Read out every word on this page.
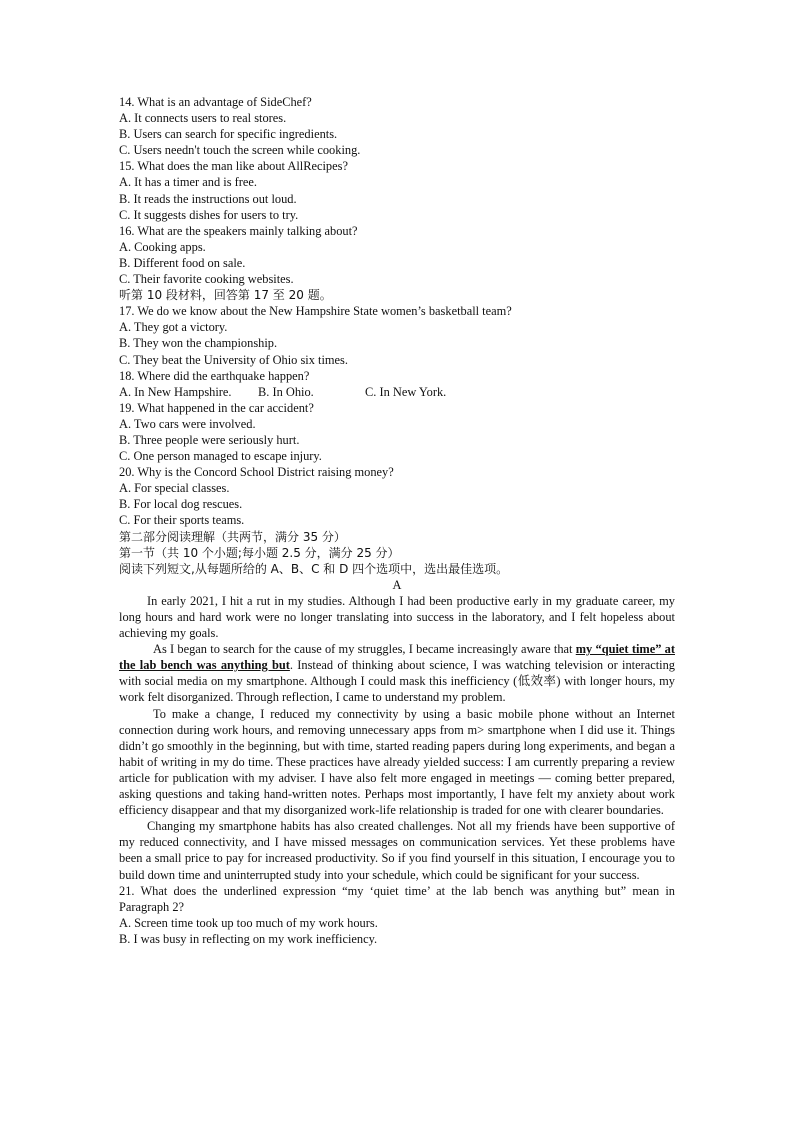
14. What is an advantage of SideChef?
A. It connects users to real stores.
B. Users can search for specific ingredients.
C. Users needn't touch the screen while cooking.
15. What does the man like about AllRecipes?
A. It has a timer and is free.
B. It reads the instructions out loud.
C. It suggests dishes for users to try.
16. What are the speakers mainly talking about?
A. Cooking apps.
B. Different food on sale.
C. Their favorite cooking websites.
听第 10 段材料，回答第 17 至 20 题。
17. We do we know about the New Hampshire State women’s basketball team?
A. They got a victory.
B. They won the championship.
C. They beat the University of Ohio six times.
18. Where did the earthquake happen?
A. In New Hampshire. B. In Ohio.	C. In New York.
19. What happened in the car accident?
A. Two cars were involved.
B. Three people were seriously hurt.
C. One person managed to escape injury.
20. Why is the Concord School District raising money?
A. For special classes.
B. For local dog rescues.
C. For their sports teams.
第二部分阅读理解（共两节，满分 35 分）
第一节（共 10 个小题;每小题 2.5 分，满分 25 分）
阅读下列短文,从每题所给的 A、B、C 和 D 四个选项中，选出最佳选项。
A

In early 2021, I hit a rut in my studies. Although I had been productive early in my graduate career, my long hours and hard work were no longer translating into success in the laboratory, and I felt hopeless about achieving my goals.

As I began to search for the cause of my struggles, I became increasingly aware that my “quiet time” at the lab bench was anything but. Instead of thinking about science, I was watching television or interacting with social media on my smartphone. Although I could mask this inefficiency (低效率) with longer hours, my work felt disorganized. Through reflection, I came to understand my problem.

To make a change, I reduced my connectivity by using a basic mobile phone without an Internet connection during work hours, and removing unnecessary apps from m> smartphone when I did use it. Things didn’t go smoothly in the beginning, but with time, started reading papers during long experiments, and began a habit of writing in my do time. These practices have already yielded success: I am currently preparing a review article for publication with my adviser. I have also felt more engaged in meetings — coming better prepared, asking questions and taking hand-written notes. Perhaps most importantly, I have felt my anxiety about work efficiency disappear and that my disorganized work-life relationship is traded for one with clearer boundaries.

Changing my smartphone habits has also created challenges. Not all my friends have been supportive of my reduced connectivity, and I have missed messages on communication services. Yet these problems have been a small price to pay for increased productivity. So if you find yourself in this situation, I encourage you to build down time and uninterrupted study into your schedule, which could be significant for your success.

21. What does the underlined expression “my ‘quiet time’ at the lab bench was anything but” mean in Paragraph 2?

A. Screen time took up too much of my work hours.
B. I was busy in reflecting on my work inefficiency.
